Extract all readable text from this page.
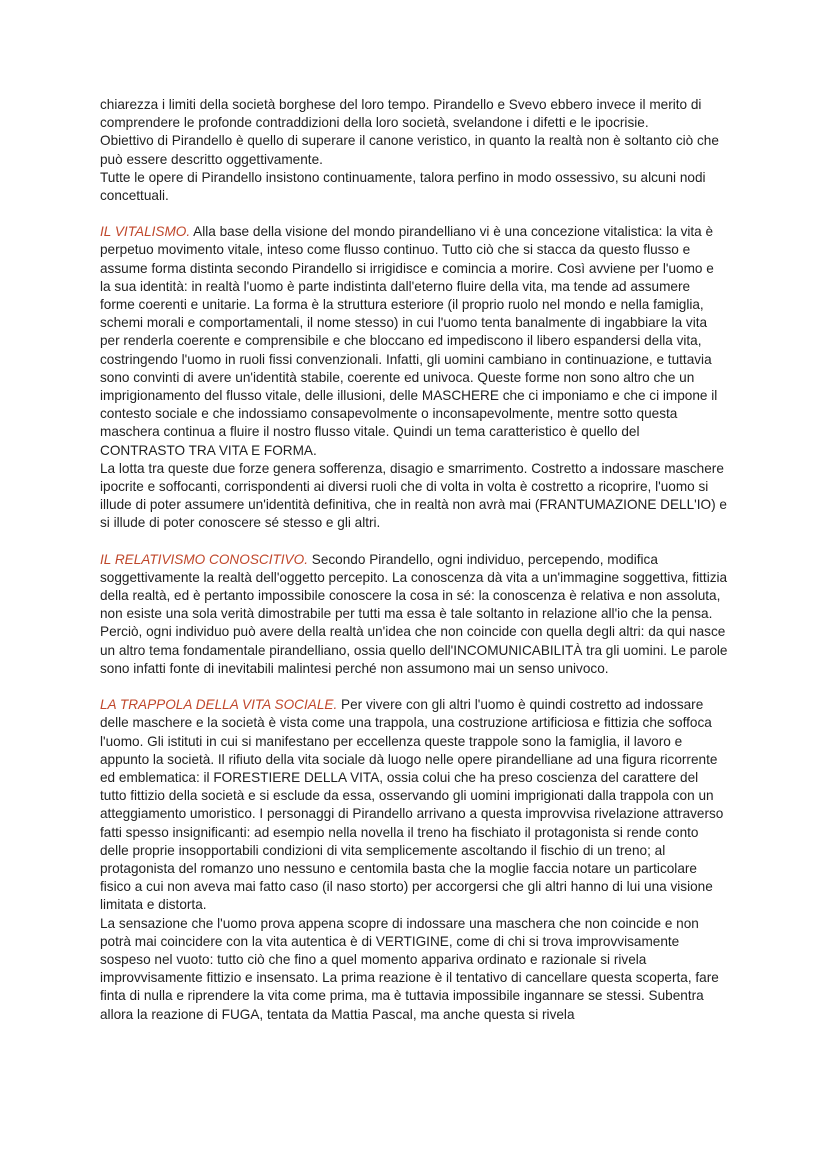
chiarezza i limiti della società borghese del loro tempo. Pirandello e Svevo ebbero invece il merito di comprendere le profonde contraddizioni della loro società, svelandone i difetti e le ipocrisie.

Obiettivo di Pirandello è quello di superare il canone veristico, in quanto la realtà non è soltanto ciò che può essere descritto oggettivamente.

Tutte le opere di Pirandello insistono continuamente, talora perfino in modo ossessivo, su alcuni nodi concettuali.

IL VITALISMO. Alla base della visione del mondo pirandelliano vi è una concezione vitalistica: la vita è perpetuo movimento vitale, inteso come flusso continuo. Tutto ciò che si stacca da questo flusso e assume forma distinta secondo Pirandello si irrigidisce e comincia a morire. Così avviene per l'uomo e la sua identità: in realtà l'uomo è parte indistinta dall'eterno fluire della vita, ma tende ad assumere forme coerenti e unitarie. La forma è la struttura esteriore (il proprio ruolo nel mondo e nella famiglia, schemi morali e comportamentali, il nome stesso) in cui l'uomo tenta banalmente di ingabbiare la vita per renderla coerente e comprensibile e che bloccano ed impediscono il libero espandersi della vita, costringendo l'uomo in ruoli fissi convenzionali. Infatti, gli uomini cambiano in continuazione, e tuttavia sono convinti di avere un'identità stabile, coerente ed univoca. Queste forme non sono altro che un imprigionamento del flusso vitale, delle illusioni, delle MASCHERE che ci imponiamo e che ci impone il contesto sociale e che indossiamo consapevolmente o inconsapevolmente, mentre sotto questa maschera continua a fluire il nostro flusso vitale. Quindi un tema caratteristico è quello del CONTRASTO TRA VITA E FORMA.

La lotta tra queste due forze genera sofferenza, disagio e smarrimento. Costretto a indossare maschere ipocrite e soffocanti, corrispondenti ai diversi ruoli che di volta in volta è costretto a ricoprire, l'uomo si illude di poter assumere un'identità definitiva, che in realtà non avrà mai (FRANTUMAZIONE DELL'IO) e si illude di poter conoscere sé stesso e gli altri.

IL RELATIVISMO CONOSCITIVO. Secondo Pirandello, ogni individuo, percependo, modifica soggettivamente la realtà dell'oggetto percepito. La conoscenza dà vita a un'immagine soggettiva, fittizia della realtà, ed è pertanto impossibile conoscere la cosa in sé: la conoscenza è relativa e non assoluta, non esiste una sola verità dimostrabile per tutti ma essa è tale soltanto in relazione all'io che la pensa. Perciò, ogni individuo può avere della realtà un'idea che non coincide con quella degli altri: da qui nasce un altro tema fondamentale pirandelliano, ossia quello dell'INCOMUNICABILITÀ tra gli uomini. Le parole sono infatti fonte di inevitabili malintesi perché non assumono mai un senso univoco.

LA TRAPPOLA DELLA VITA SOCIALE. Per vivere con gli altri l'uomo è quindi costretto ad indossare delle maschere e la società è vista come una trappola, una costruzione artificiosa e fittizia che soffoca l'uomo. Gli istituti in cui si manifestano per eccellenza queste trappole sono la famiglia, il lavoro e appunto la società. Il rifiuto della vita sociale dà luogo nelle opere pirandelliane ad una figura ricorrente ed emblematica: il FORESTIERE DELLA VITA, ossia colui che ha preso coscienza del carattere del tutto fittizio della società e si esclude da essa, osservando gli uomini imprigionati dalla trappola con un atteggiamento umoristico. I personaggi di Pirandello arrivano a questa improvvisa rivelazione attraverso fatti spesso insignificanti: ad esempio nella novella il treno ha fischiato il protagonista si rende conto delle proprie insopportabili condizioni di vita semplicemente ascoltando il fischio di un treno; al protagonista del romanzo uno nessuno e centomila basta che la moglie faccia notare un particolare fisico a cui non aveva mai fatto caso (il naso storto) per accorgersi che gli altri hanno di lui una visione limitata e distorta.

La sensazione che l'uomo prova appena scopre di indossare una maschera che non coincide e non potrà mai coincidere con la vita autentica è di VERTIGINE, come di chi si trova improvvisamente sospeso nel vuoto: tutto ciò che fino a quel momento appariva ordinato e razionale si rivela improvvisamente fittizio e insensato. La prima reazione è il tentativo di cancellare questa scoperta, fare finta di nulla e riprendere la vita come prima, ma è tuttavia impossibile ingannare se stessi. Subentra allora la reazione di FUGA, tentata da Mattia Pascal, ma anche questa si rivela
